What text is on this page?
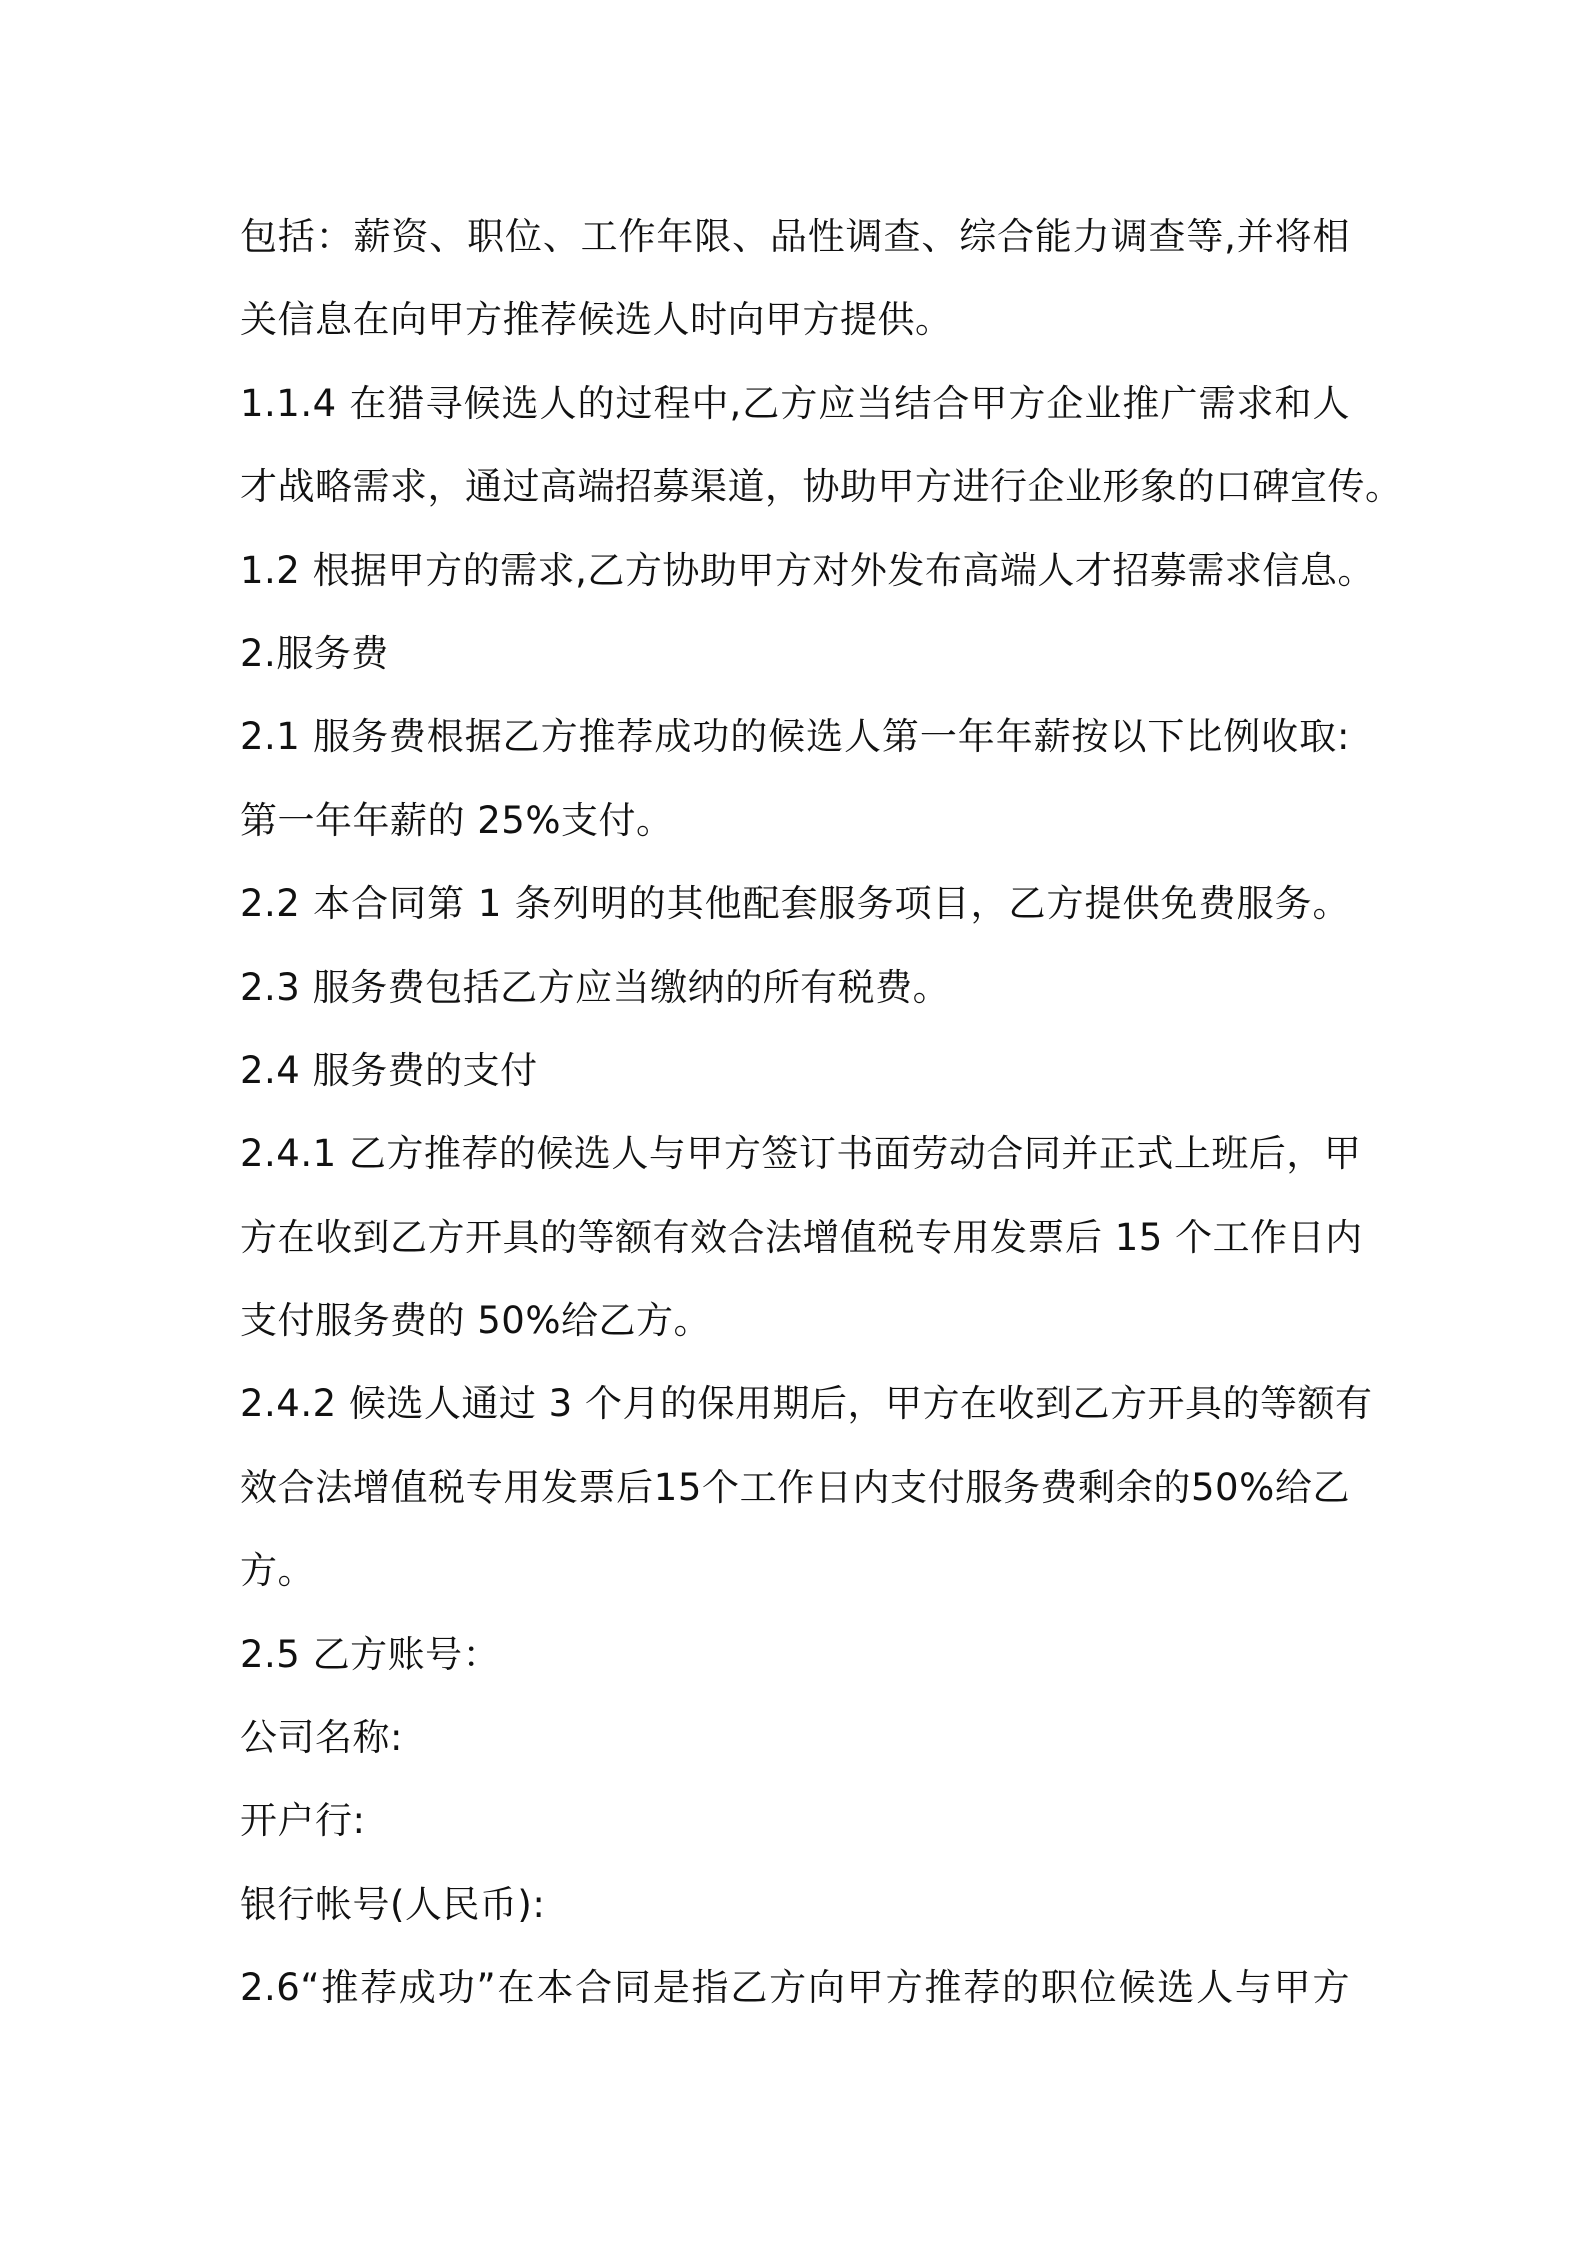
包括：薪资、职位、工作年限、品性调查、综合能力调查等,并将相
关信息在向甲方推荐候选人时向甲方提供。
1.1.4 在猎寻候选人的过程中,乙方应当结合甲方企业推广需求和人
才战略需求，通过高端招募渠道，协助甲方进行企业形象的口碑宣传。
1.2 根据甲方的需求,乙方协助甲方对外发布高端人才招募需求信息。
2.服务费
2.1 服务费根据乙方推荐成功的候选人第一年年薪按以下比例收取:
第一年年薪的 25%支付。
2.2 本合同第 1 条列明的其他配套服务项目，乙方提供免费服务。
2.3 服务费包括乙方应当缴纳的所有税费。
2.4 服务费的支付
2.4.1 乙方推荐的候选人与甲方签订书面劳动合同并正式上班后，甲
方在收到乙方开具的等额有效合法增值税专用发票后 15 个工作日内
支付服务费的 50%给乙方。
2.4.2 候选人通过 3 个月的保用期后，甲方在收到乙方开具的等额有
效合法增值税专用发票后15个工作日内支付服务费剩余的50%给乙
方。
2.5 乙方账号：
公司名称:
开户行:
银行帐号(人民币):
2.6“推荐成功”在本合同是指乙方向甲方推荐的职位候选人与甲方
